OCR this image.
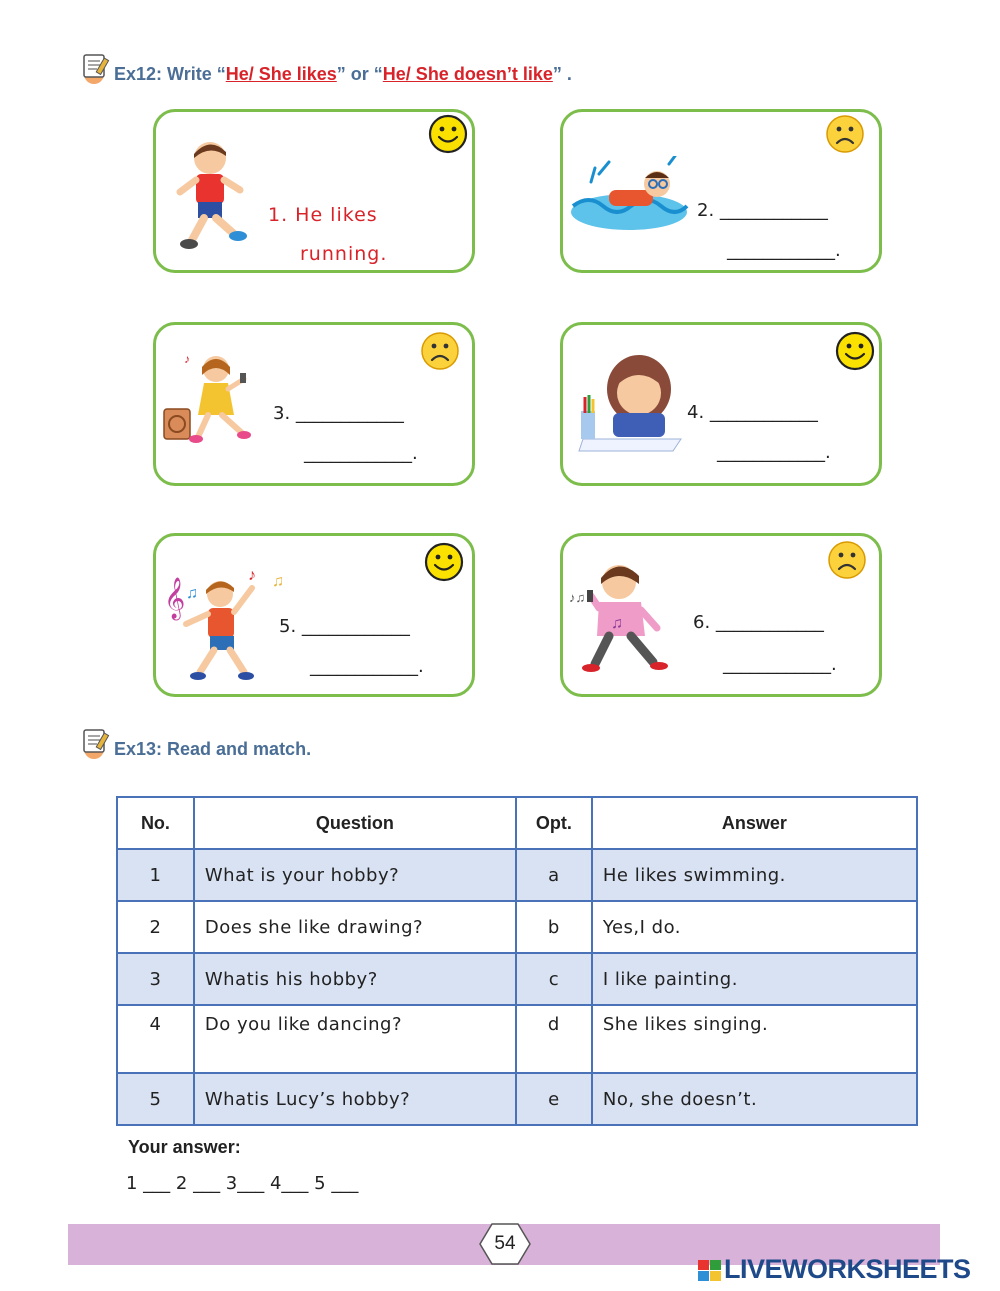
Ex12: Write “He/ She likes” or “He/ She doesn’t like” .
1. He likes
running.
2. ____________
____________.
♪
3. ____________
____________.
4. ____________
____________.
𝄞 ♫
♪ ♫
5. ____________
____________.
♪♫
♫	6. ____________
____________.
Ex13: Read and match.
No.	Question	Opt.	Answer
1	What is your hobby?	a	He likes swimming.
2	Does she like drawing?	b	Yes,I do.
3	Whatis his hobby?	c	I like painting.
4	Do you like dancing?	d	She likes singing.
5	Whatis Lucy’s hobby?	e	No, she doesn’t.
Your answer:
1 ___ 2 ___ 3___ 4___ 5 ___
54
LIVEWORKSHEETS
